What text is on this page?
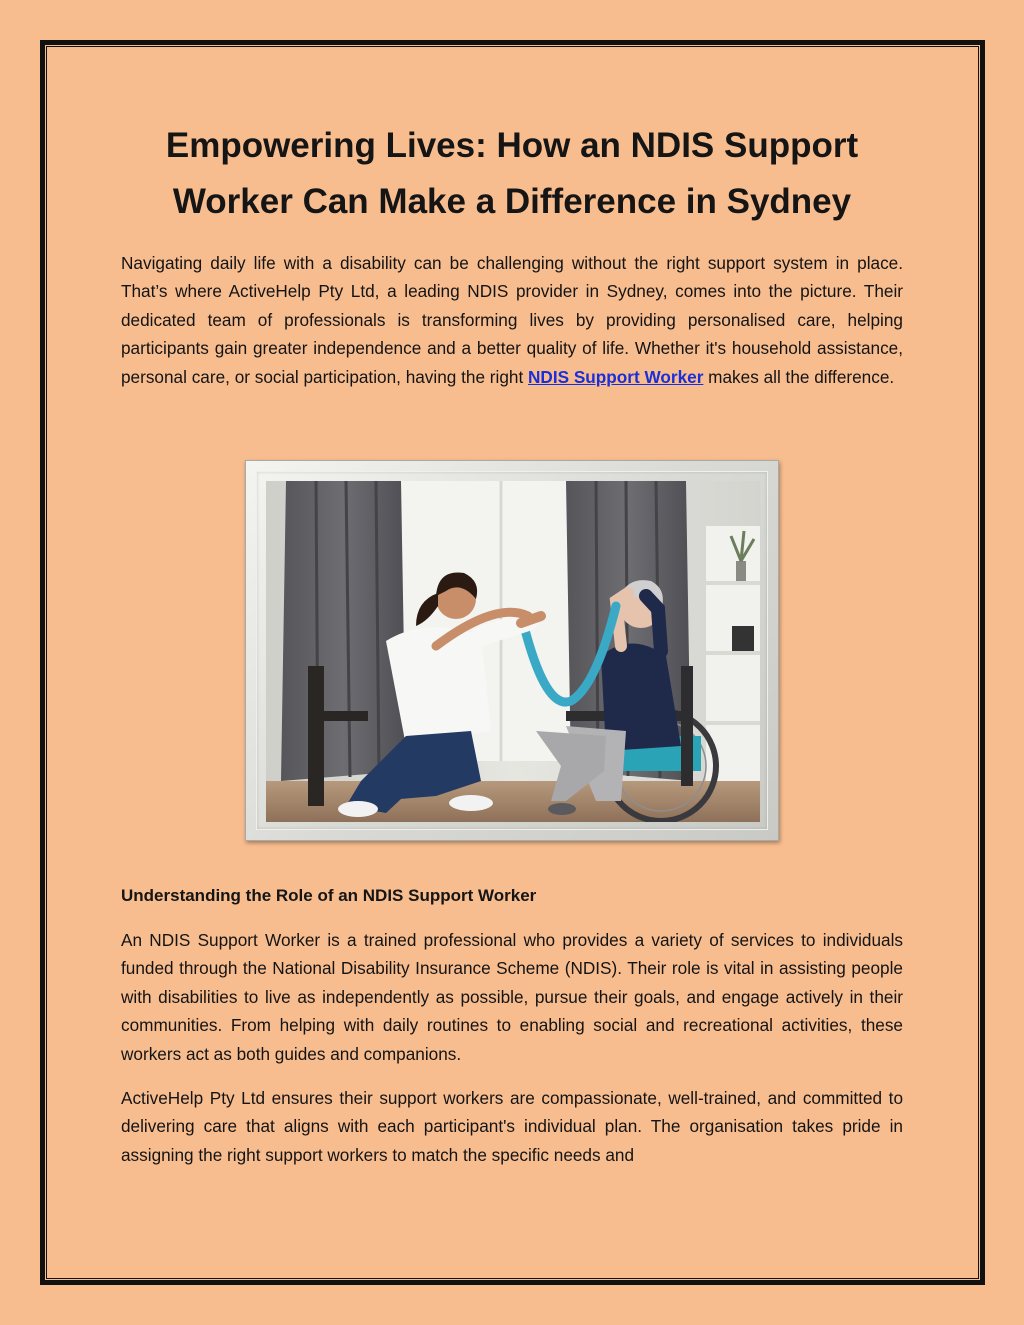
Empowering Lives: How an NDIS Support Worker Can Make a Difference in Sydney

Navigating daily life with a disability can be challenging without the right support system in place. That’s where ActiveHelp Pty Ltd, a leading NDIS provider in Sydney, comes into the picture. Their dedicated team of professionals is transforming lives by providing personalised care, helping participants gain greater independence and a better quality of life. Whether it's household assistance, personal care, or social participation, having the right NDIS Support Worker makes all the difference.

Understanding the Role of an NDIS Support Worker

An NDIS Support Worker is a trained professional who provides a variety of services to individuals funded through the National Disability Insurance Scheme (NDIS). Their role is vital in assisting people with disabilities to live as independently as possible, pursue their goals, and engage actively in their communities. From helping with daily routines to enabling social and recreational activities, these workers act as both guides and companions.

ActiveHelp Pty Ltd ensures their support workers are compassionate, well-trained, and committed to delivering care that aligns with each participant's individual plan. The organisation takes pride in assigning the right support workers to match the specific needs and
